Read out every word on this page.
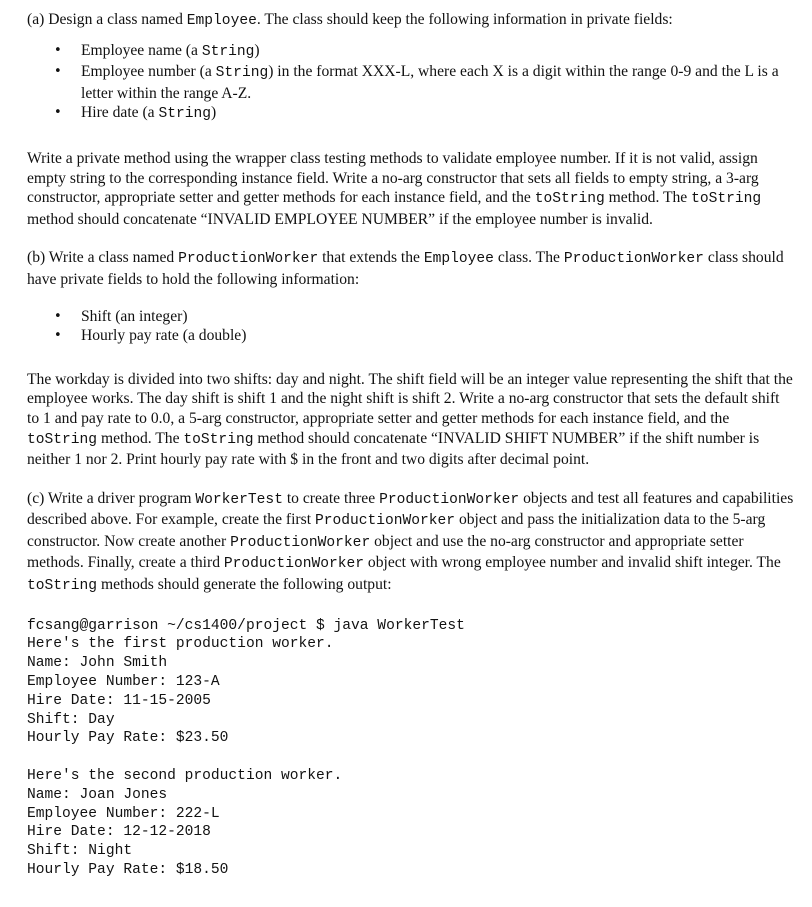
(a) Design a class named Employee. The class should keep the following information in private fields:

• Employee name (a String)
• Employee number (a String) in the format XXX-L, where each X is a digit within the range 0-9 and the L is a letter within the range A-Z.
• Hire date (a String)

Write a private method using the wrapper class testing methods to validate employee number. If it is not valid, assign empty string to the corresponding instance field. Write a no-arg constructor that sets all fields to empty string, a 3-arg constructor, appropriate setter and getter methods for each instance field, and the toString method. The toString method should concatenate “INVALID EMPLOYEE NUMBER” if the employee number is invalid.

(b) Write a class named ProductionWorker that extends the Employee class. The ProductionWorker class should have private fields to hold the following information:

• Shift (an integer)
• Hourly pay rate (a double)

The workday is divided into two shifts: day and night. The shift field will be an integer value representing the shift that the employee works. The day shift is shift 1 and the night shift is shift 2. Write a no-arg constructor that sets the default shift to 1 and pay rate to 0.0, a 5-arg constructor, appropriate setter and getter methods for each instance field, and the toString method. The toString method should concatenate “INVALID SHIFT NUMBER” if the shift number is neither 1 nor 2. Print hourly pay rate with $ in the front and two digits after decimal point.

(c) Write a driver program WorkerTest to create three ProductionWorker objects and test all features and capabilities described above. For example, create the first ProductionWorker object and pass the initialization data to the 5-arg constructor. Now create another ProductionWorker object and use the no-arg constructor and appropriate setter methods. Finally, create a third ProductionWorker object with wrong employee number and invalid shift integer. The toString methods should generate the following output:

fcsang@garrison ~/cs1400/project $ java WorkerTest
Here's the first production worker.
Name: John Smith
Employee Number: 123-A
Hire Date: 11-15-2005
Shift: Day
Hourly Pay Rate: $23.50

Here's the second production worker.
Name: Joan Jones
Employee Number: 222-L
Hire Date: 12-12-2018
Shift: Night
Hourly Pay Rate: $18.50
